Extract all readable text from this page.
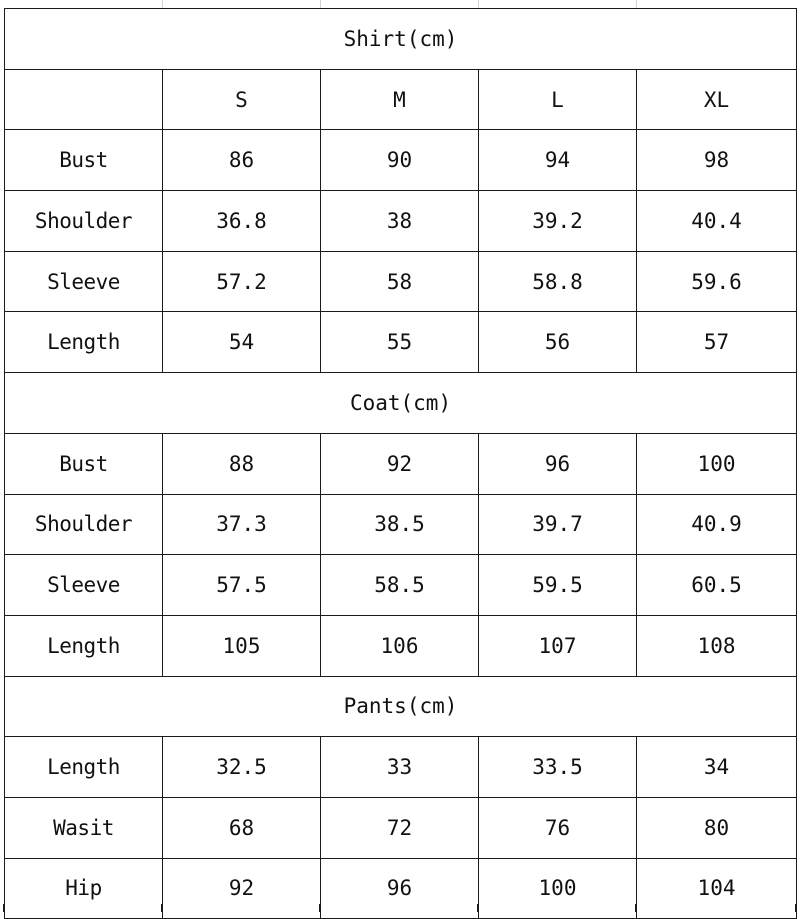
Shirt(cm)				
	S	M	L	XL
Bust	86	90	94	98
Shoulder	36.8	38	39.2	40.4
Sleeve	57.2	58	58.8	59.6
Length	54	55	56	57
Coat(cm)				
Bust	88	92	96	100
Shoulder	37.3	38.5	39.7	40.9
Sleeve	57.5	58.5	59.5	60.5
Length	105	106	107	108
Pants(cm)				
Length	32.5	33	33.5	34
Wasit	68	72	76	80
Hip	92	96	100	104
